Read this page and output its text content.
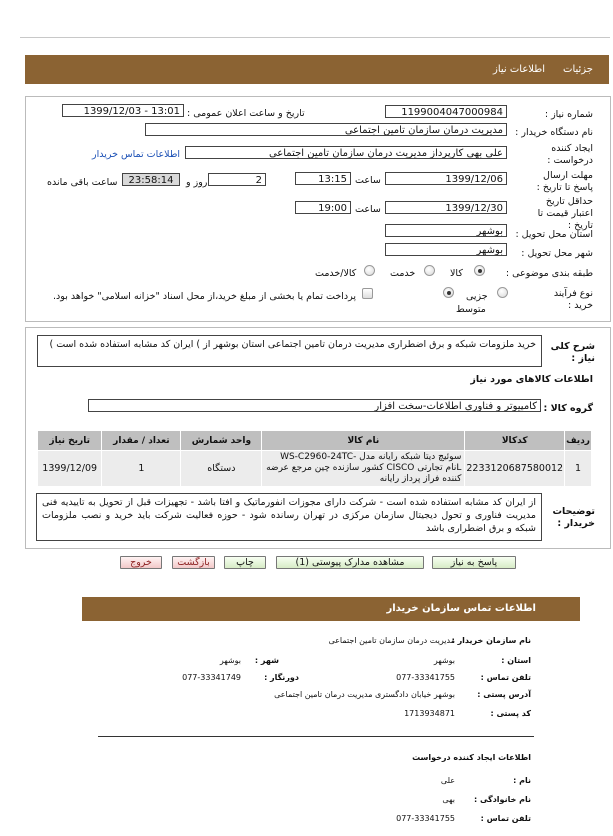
جزئیات
اطلاعات نیاز
شماره نیاز :
1199004047000984
تاریخ و ساعت اعلان عمومی :
1399/12/03 - 13:01
نام دستگاه خریدار :
مدیریت درمان سازمان تامین اجتماعی
ایجاد کننده درخواست :
علی بهی کارپرداز مدیریت درمان سازمان تامین اجتماعی
اطلاعات تماس خریدار
مهلت ارسال پاسخ تا تاریخ :
1399/12/06
ساعت
13:15
2
روز و
23:58:14
ساعت باقی مانده
حداقل تاریخ اعتبار قیمت تا تاریخ :
1399/12/30
ساعت
19:00
استان محل تحویل :
بوشهر
شهر محل تحویل :
بوشهر
طبقه بندی موضوعی :
کالا
خدمت
کالا/خدمت
نوع فرآیند خرید :
جزیی
متوسط
پرداخت تمام یا بخشی از مبلغ خرید،از محل اسناد "خزانه اسلامی" خواهد بود.
شرح کلی نیاز :
خرید ملزومات شبکه و برق اضطراری مدیریت درمان تامین اجتماعی استان بوشهر از ) ایران کد مشابه استفاده شده است )
اطلاعات کالاهای مورد نیاز
گروه کالا :
کامپیوتر و فناوری اطلاعات-سخت افزار
ردیف	کدکالا	نام کالا	واحد شمارش	تعداد / مقدار	تاریخ نیاز
1	2233120687580012	سوئیچ دیتا شبکه رایانه مدل WS-C2960-24TC-Lنام تجارتی CISCO کشور سازنده چین مرجع عرضه کننده فراز پرداز رایانه	دستگاه	1	1399/12/09
توضیحات خریدار :
از ایران کد مشابه استفاده شده است - شرکت دارای مجوزات انفورماتیک و افتا باشد - تجهیزات قبل از تحویل به تاییدیه فنی مدیریت فناوری و تحول دیجیتال سازمان مرکزی در تهران رسانده شود - حوزه فعالیت شرکت باید خرید و نصب ملزومات شبکه و برق اضطراری باشد
پاسخ به نیاز
مشاهده مدارک پیوستی (1)
چاپ
بازگشت
خروج
اطلاعات تماس سازمان خریدار
نام سازمان خریدار :
مدیریت درمان سازمان تامین اجتماعی
استان :
بوشهر
شهر :
بوشهر
تلفن تماس :
077-33341755
دورنگار :
077-33341749
آدرس پستی :
بوشهر خیابان دادگستری مدیریت درمان تامین اجتماعی
کد پستی :
1713934871
اطلاعات ایجاد کننده درخواست
نام :
علی
نام خانوادگی :
بهی
تلفن تماس :
077-33341755
